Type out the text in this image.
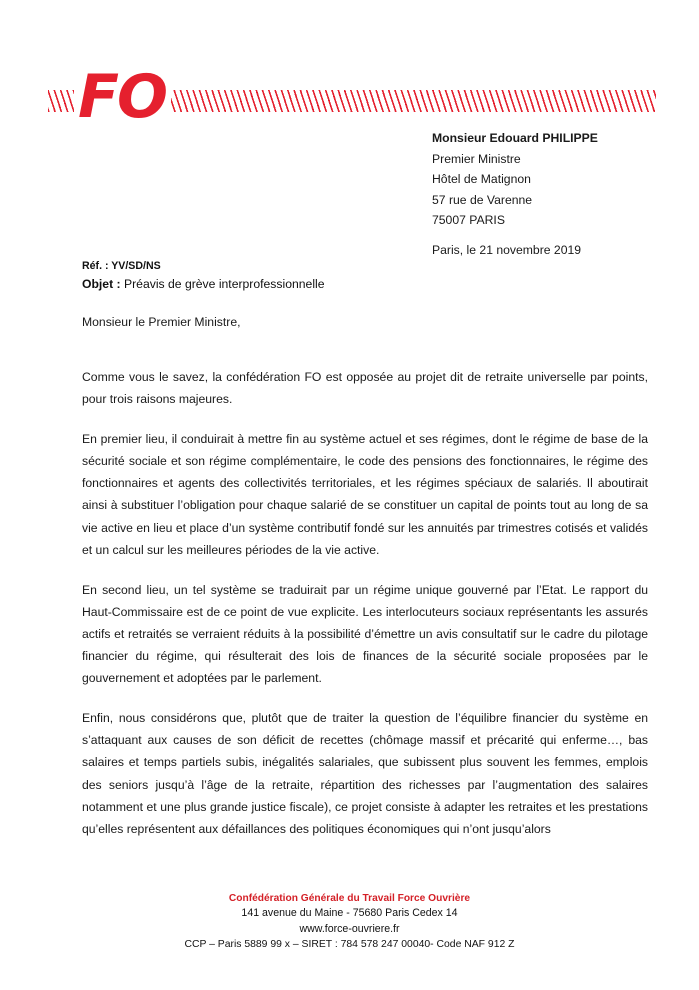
FO
Monsieur Edouard PHILIPPE
Premier Ministre
Hôtel de Matignon
57 rue de Varenne
75007 PARIS
Paris, le 21 novembre 2019
Réf. : YV/SD/NS
Objet : Préavis de grève interprofessionnelle
Monsieur le Premier Ministre,

Comme vous le savez, la confédération FO est opposée au projet dit de retraite universelle par points, pour trois raisons majeures.

En premier lieu, il conduirait à mettre fin au système actuel et ses régimes, dont le régime de base de la sécurité sociale et son régime complémentaire, le code des pensions des fonctionnaires, le régime des fonctionnaires et agents des collectivités territoriales, et les régimes spéciaux de salariés. Il aboutirait ainsi à substituer l’obligation pour chaque salarié de se constituer un capital de points tout au long de sa vie active en lieu et place d’un système contributif fondé sur les annuités par trimestres cotisés et validés et un calcul sur les meilleures périodes de la vie active.

En second lieu, un tel système se traduirait par un régime unique gouverné par l’Etat. Le rapport du Haut-Commissaire est de ce point de vue explicite. Les interlocuteurs sociaux représentants les assurés actifs et retraités se verraient réduits à la possibilité d’émettre un avis consultatif sur le cadre du pilotage financier du régime, qui résulterait des lois de finances de la sécurité sociale proposées par le gouvernement et adoptées par le parlement.

Enfin, nous considérons que, plutôt que de traiter la question de l’équilibre financier du système en s’attaquant aux causes de son déficit de recettes (chômage massif et précarité qui enferme…, bas salaires et temps partiels subis, inégalités salariales, que subissent plus souvent les femmes, emplois des seniors jusqu’à l’âge de la retraite, répartition des richesses par l’augmentation des salaires notamment et une plus grande justice fiscale), ce projet consiste à adapter les retraites et les prestations qu’elles représentent aux défaillances des politiques économiques qui n’ont jusqu’alors

Confédération Générale du Travail Force Ouvrière
141 avenue du Maine - 75680 Paris Cedex 14
www.force-ouvriere.fr
CCP – Paris 5889 99 x – SIRET : 784 578 247 00040- Code NAF 912 Z
